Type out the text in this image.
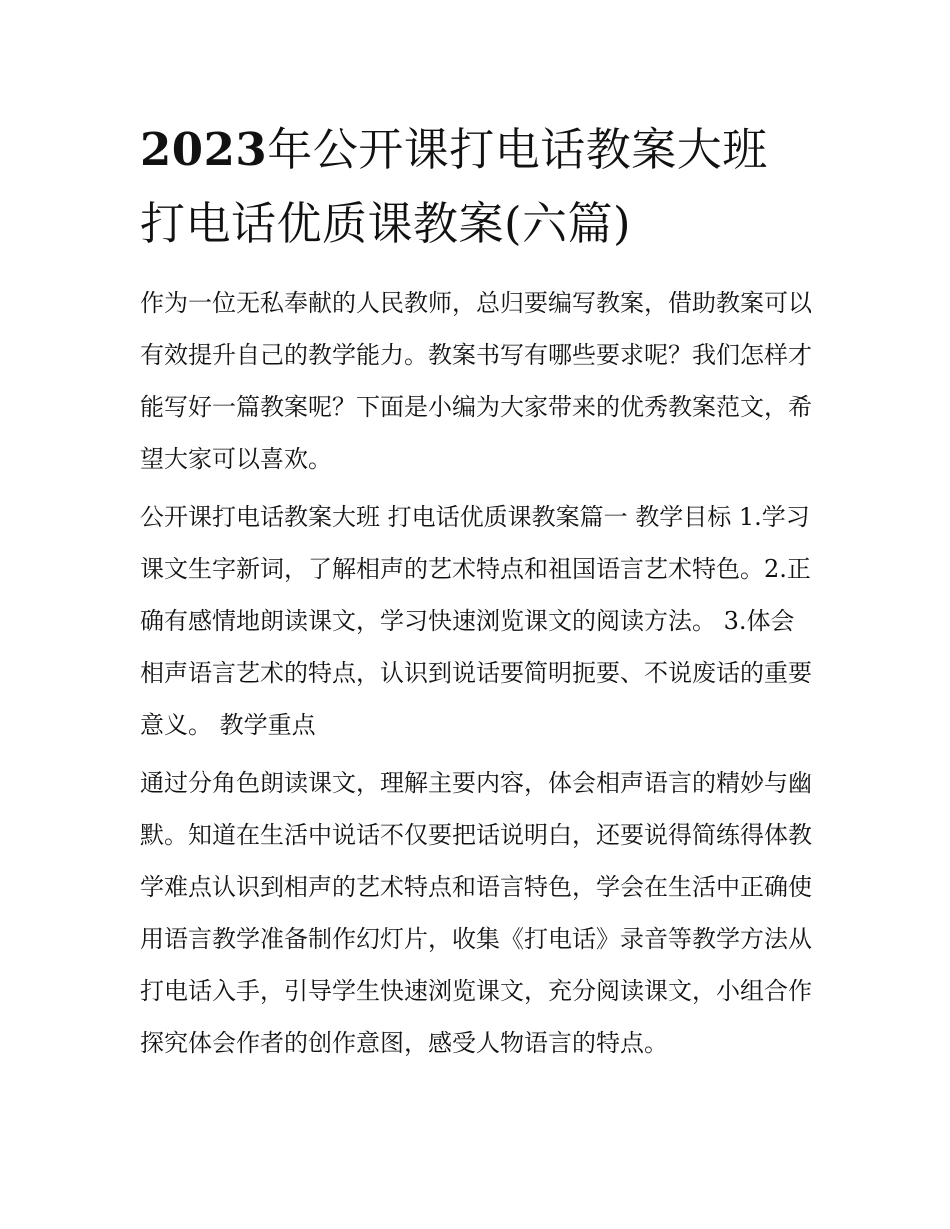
2023年公开课打电话教案大班打电话优质课教案(六篇)

作为一位无私奉献的人民教师，总归要编写教案，借助教案可以有效提升自己的教学能力。教案书写有哪些要求呢？我们怎样才能写好一篇教案呢？下面是小编为大家带来的优秀教案范文，希望大家可以喜欢。

公开课打电话教案大班 打电话优质课教案篇一 教学目标 1.学习课文生字新词，了解相声的艺术特点和祖国语言艺术特色。2.正确有感情地朗读课文，学习快速浏览课文的阅读方法。 3.体会相声语言艺术的特点，认识到说话要简明扼要、不说废话的重要意义。 教学重点

通过分角色朗读课文，理解主要内容，体会相声语言的精妙与幽默。知道在生活中说话不仅要把话说明白，还要说得简练得体教学难点认识到相声的艺术特点和语言特色，学会在生活中正确使用语言教学准备制作幻灯片，收集《打电话》录音等教学方法从打电话入手，引导学生快速浏览课文，充分阅读课文，小组合作探究体会作者的创作意图，感受人物语言的特点。
